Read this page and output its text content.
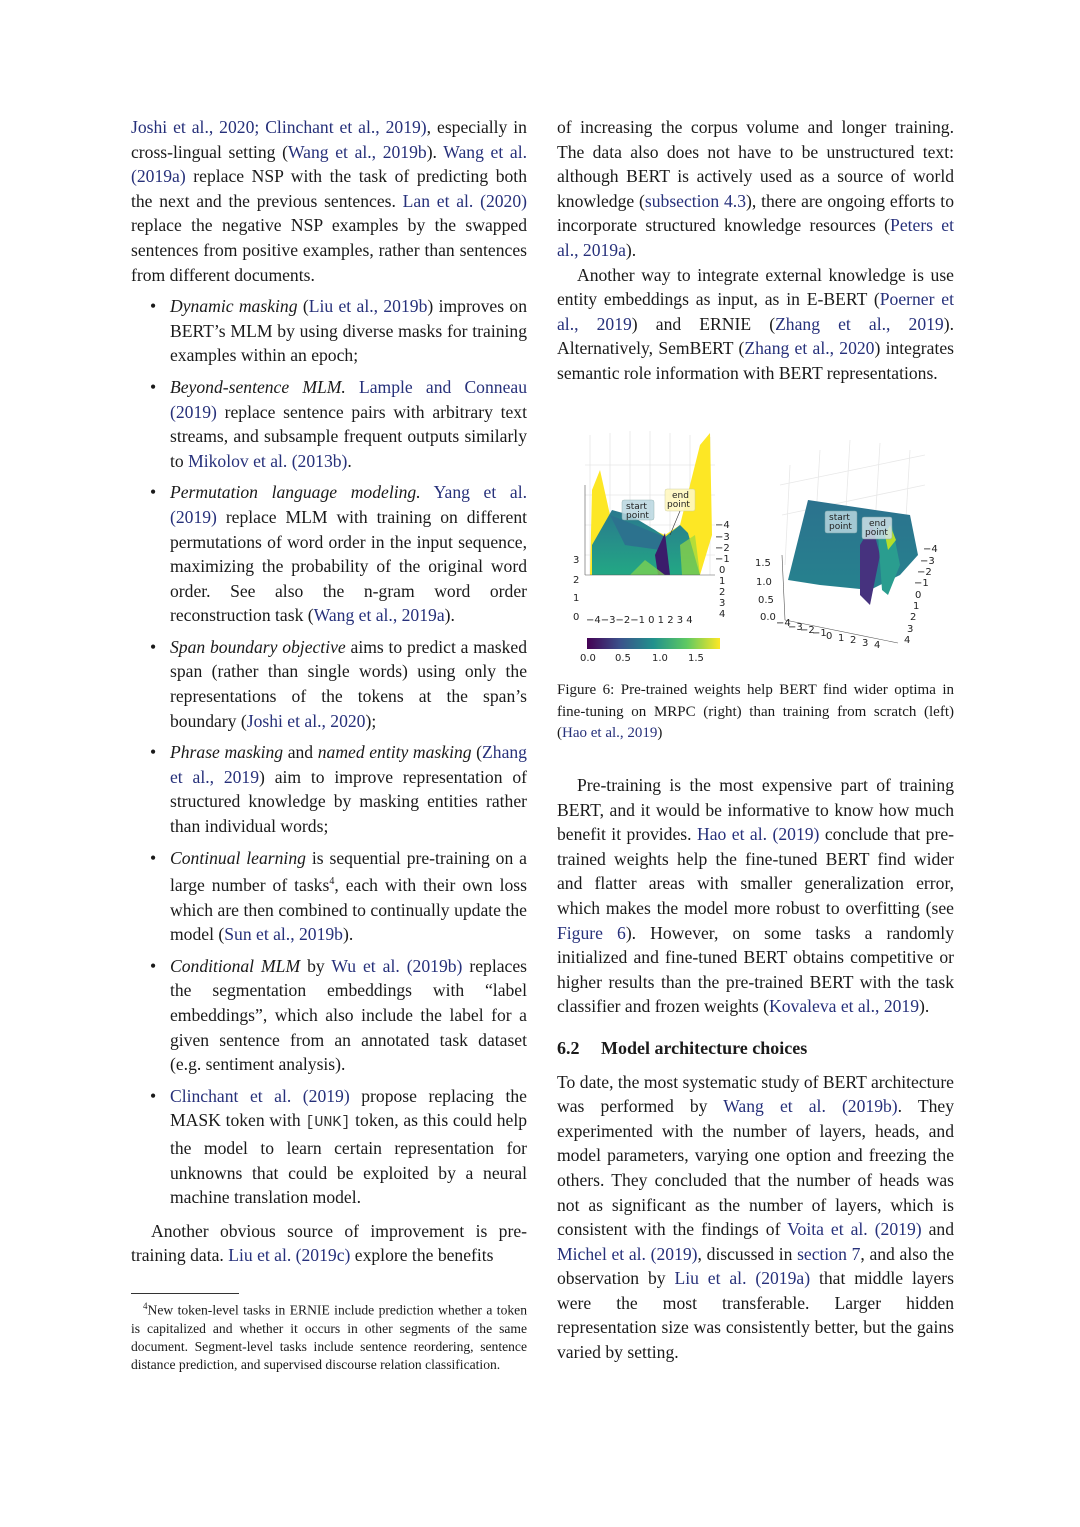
Joshi et al., 2020; Clinchant et al., 2019), especially in cross-lingual setting (Wang et al., 2019b). Wang et al. (2019a) replace NSP with the task of predicting both the next and the previous sentences. Lan et al. (2020) replace the negative NSP examples by the swapped sentences from positive examples, rather than sentences from different documents.

• Dynamic masking (Liu et al., 2019b) improves on BERT’s MLM by using diverse masks for training examples within an epoch;
• Beyond-sentence MLM. Lample and Conneau (2019) replace sentence pairs with arbitrary text streams, and subsample frequent outputs similarly to Mikolov et al. (2013b).
• Permutation language modeling. Yang et al. (2019) replace MLM with training on different permutations of word order in the input sequence, maximizing the probability of the original word order. See also the n-gram word order reconstruction task (Wang et al., 2019a).
• Span boundary objective aims to predict a masked span (rather than single words) using only the representations of the tokens at the span’s boundary (Joshi et al., 2020);
• Phrase masking and named entity masking (Zhang et al., 2019) aim to improve representation of structured knowledge by masking entities rather than individual words;
• Continual learning is sequential pre-training on a large number of tasks$^4$, each with their own loss which are then combined to continually update the model (Sun et al., 2019b).
• Conditional MLM by Wu et al. (2019b) replaces the segmentation embeddings with “label embeddings”, which also include the label for a given sentence from an annotated task dataset (e.g. sentiment analysis).
• Clinchant et al. (2019) propose replacing the MASK token with [UNK] token, as this could help the model to learn certain representation for unknowns that could be exploited by a neural machine translation model.

Another obvious source of improvement is pre-training data. Liu et al. (2019c) explore the benefits

$^4$New token-level tasks in ERNIE include prediction whether a token is capitalized and whether it occurs in other segments of the same document. Segment-level tasks include sentence reordering, sentence distance prediction, and supervised discourse relation classification.

of increasing the corpus volume and longer training. The data also does not have to be unstructured text: although BERT is actively used as a source of world knowledge (subsection 4.3), there are ongoing efforts to incorporate structured knowledge resources (Peters et al., 2019a).

Another way to integrate external knowledge is use entity embeddings as input, as in E-BERT (Poerner et al., 2019) and ERNIE (Zhang et al., 2019). Alternatively, SemBERT (Zhang et al., 2020) integrates semantic role information with BERT representations.

start
point
end
point
3
2
1
0 −4−3−2−1 0 1 2 3 4
−4
−3
−2
−1
0
1
2
3
4
start
point end
point
1.5
1.0
0.5
0.0
−4
−3
−2
−1 0 1 2 3 4
−4
−3
−2
−1
0
1
2
3
4
0.0 0.5 1.0 1.5
Figure 6: Pre-trained weights help BERT find wider optima in fine-tuning on MRPC (right) than training from scratch (left) (Hao et al., 2019)

Pre-training is the most expensive part of training BERT, and it would be informative to know how much benefit it provides. Hao et al. (2019) conclude that pre-trained weights help the fine-tuned BERT find wider and flatter areas with smaller generalization error, which makes the model more robust to overfitting (see Figure 6). However, on some tasks a randomly initialized and fine-tuned BERT obtains competitive or higher results than the pre-trained BERT with the task classifier and frozen weights (Kovaleva et al., 2019).

6.2 Model architecture choices

To date, the most systematic study of BERT architecture was performed by Wang et al. (2019b). They experimented with the number of layers, heads, and model parameters, varying one option and freezing the others. They concluded that the number of heads was not as significant as the number of layers, which is consistent with the findings of Voita et al. (2019) and Michel et al. (2019), discussed in section 7, and also the observation by Liu et al. (2019a) that middle layers were the most transferable. Larger hidden representation size was consistently better, but the gains varied by setting.
